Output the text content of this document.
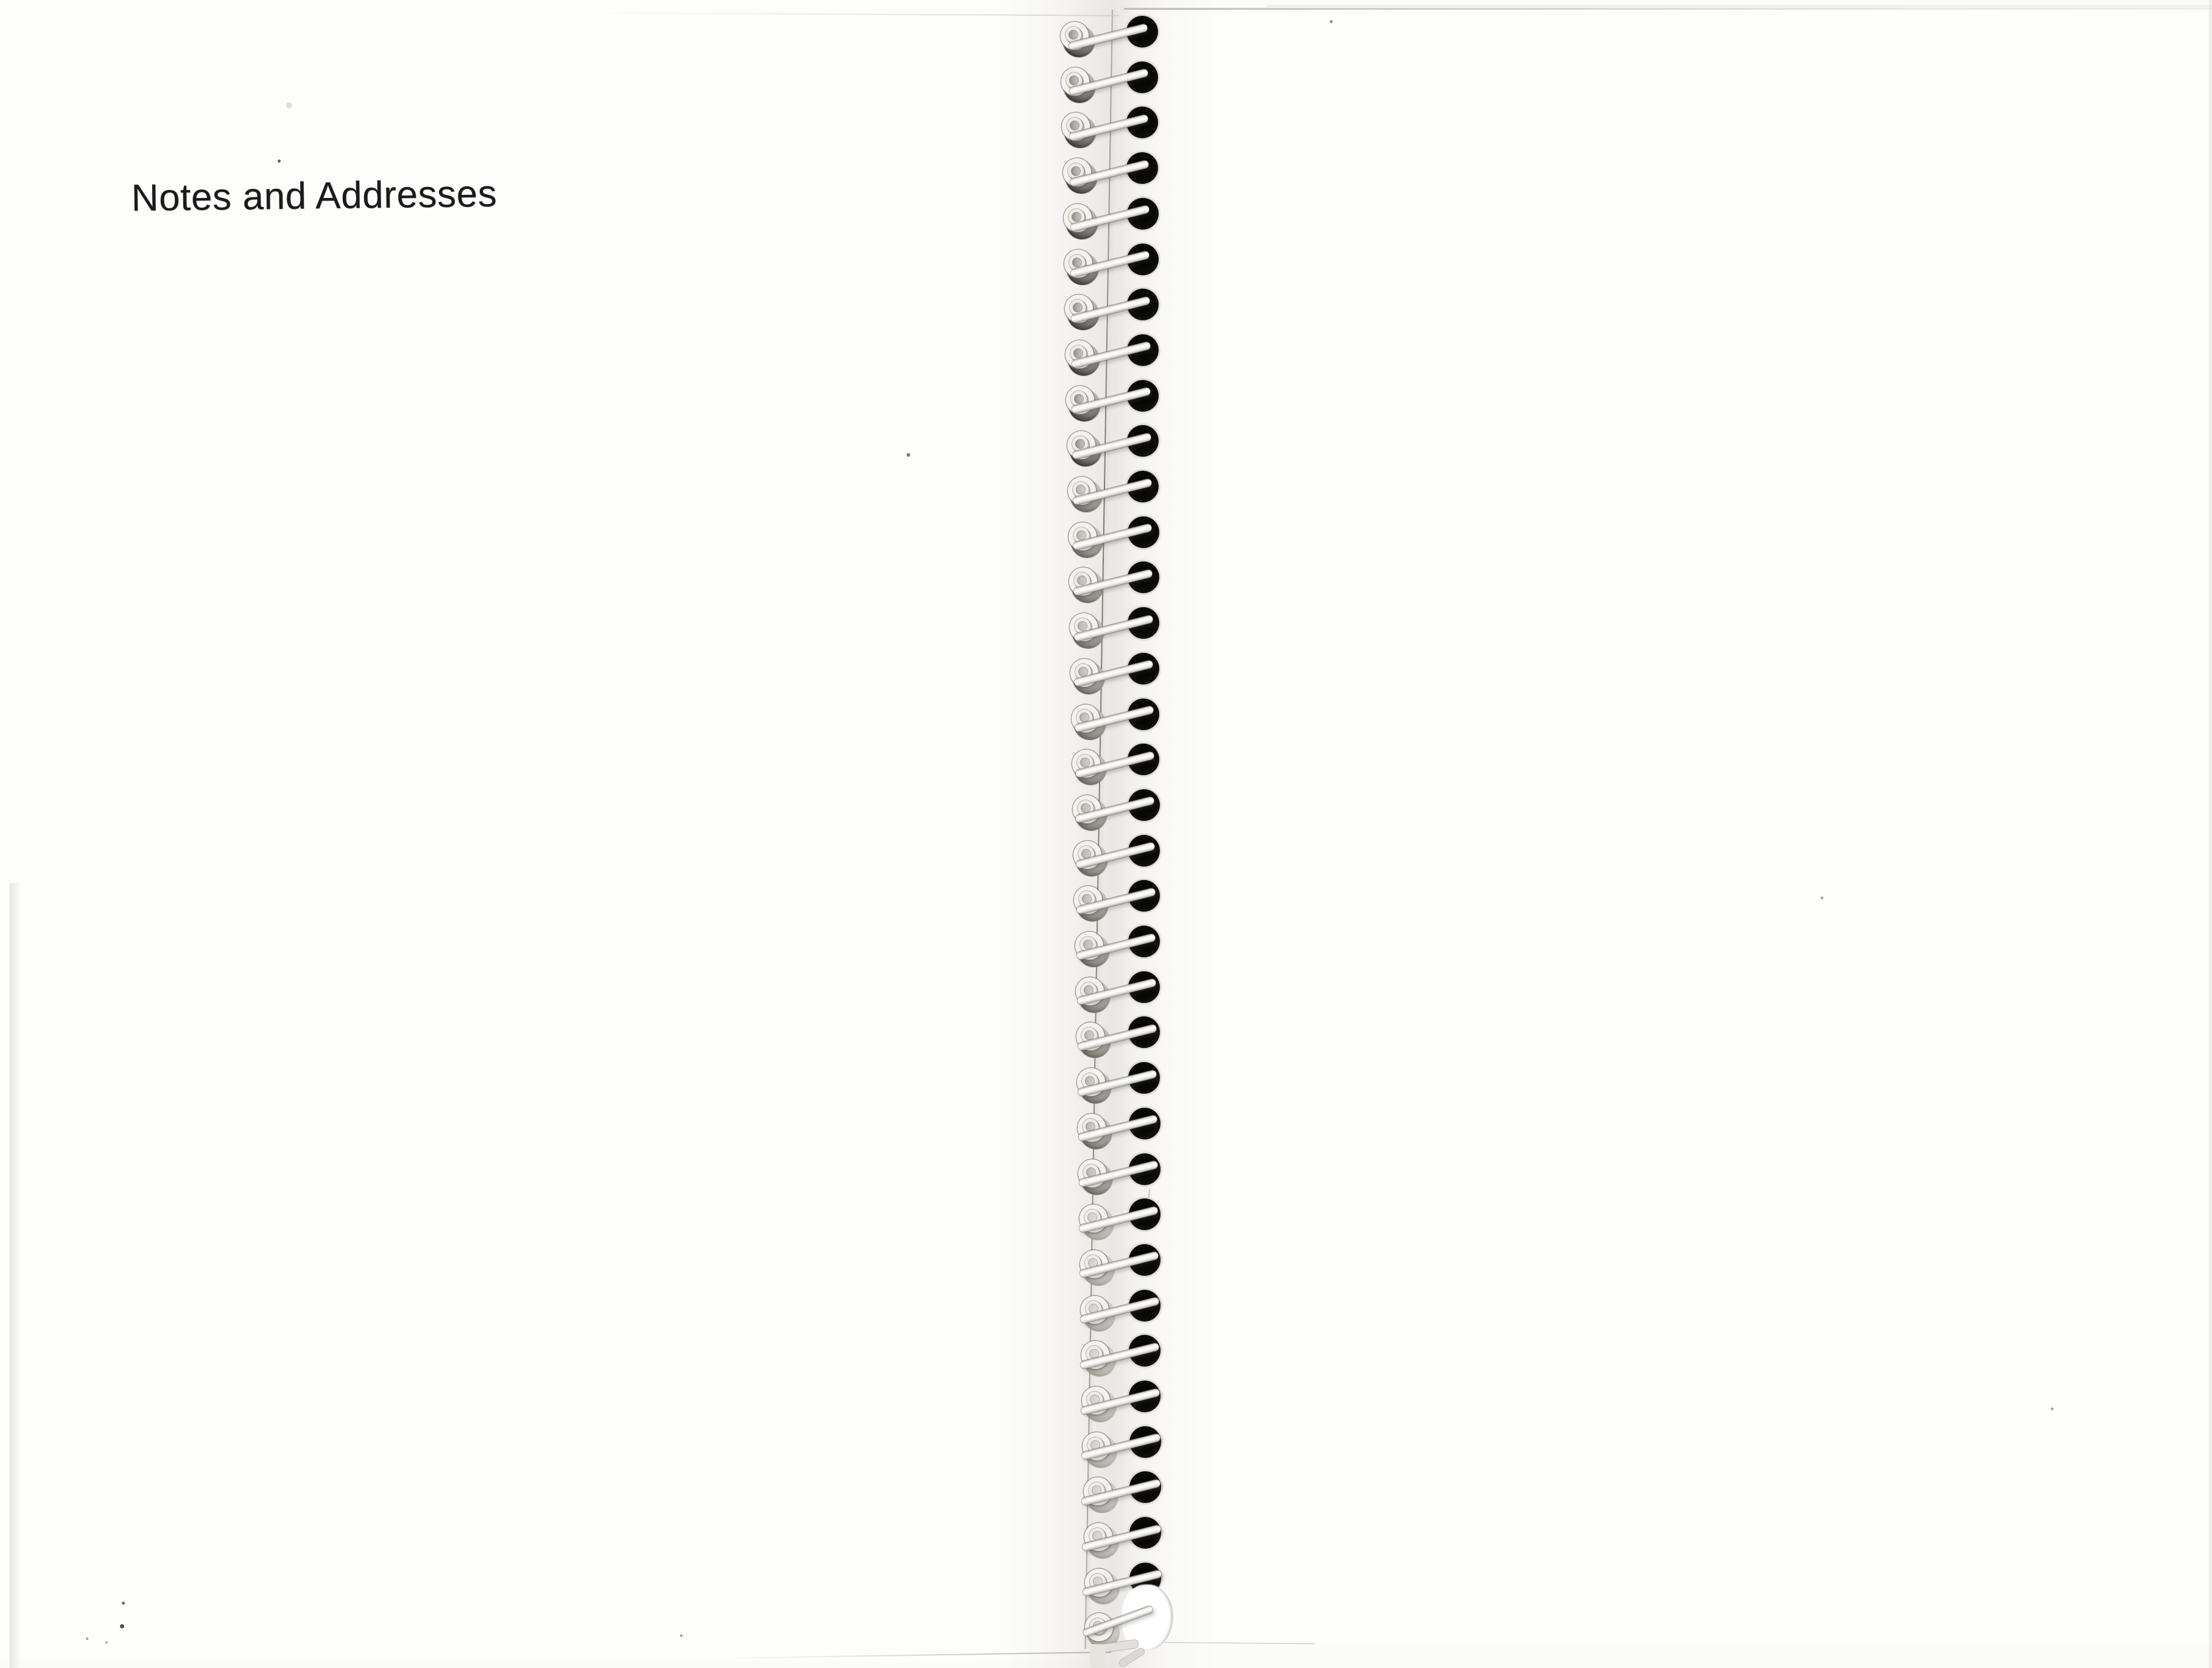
Notes and Addresses
